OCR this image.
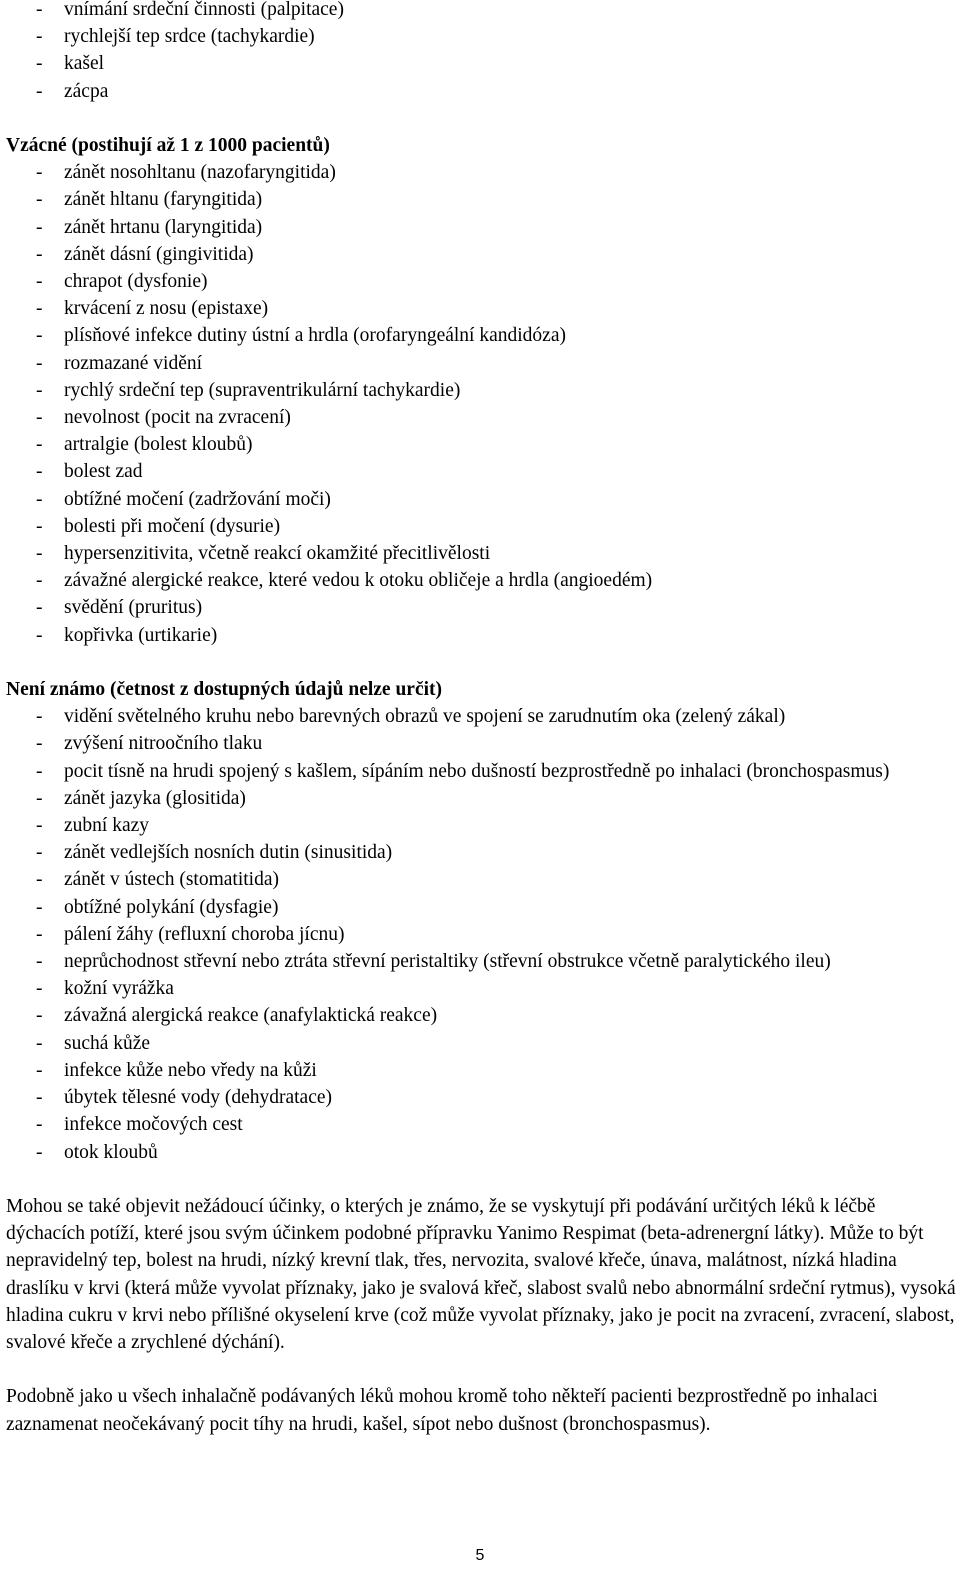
- vnímání srdeční činnosti (palpitace)
- rychlejší tep srdce (tachykardie)
- kašel
- zácpa
Vzácné (postihují až 1 z 1000 pacientů)
- zánět nosohltanu (nazofaryngitida)
- zánět hltanu (faryngitida)
- zánět hrtanu (laryngitida)
- zánět dásní (gingivitida)
- chrapot (dysfonie)
- krvácení z nosu (epistaxe)
- plísňové infekce dutiny ústní a hrdla (orofaryngeální kandidóza)
- rozmazané vidění
- rychlý srdeční tep (supraventrikulární tachykardie)
- nevolnost (pocit na zvracení)
- artralgie (bolest kloubů)
- bolest zad
- obtížné močení (zadržování moči)
- bolesti při močení (dysurie)
- hypersenzitivita, včetně reakcí okamžité přecitlivělosti
- závažné alergické reakce, které vedou k otoku obličeje a hrdla (angioedém)
- svědění (pruritus)
- kopřivka (urtikarie)
Není známo (četnost z dostupných údajů nelze určit)
- vidění světelného kruhu nebo barevných obrazů ve spojení se zarudnutím oka (zelený zákal)
- zvýšení nitroočního tlaku
- pocit tísně na hrudi spojený s kašlem, sípáním nebo dušností bezprostředně po inhalaci (bronchospasmus)
- zánět jazyka (glositida)
- zubní kazy
- zánět vedlejších nosních dutin (sinusitida)
- zánět v ústech (stomatitida)
- obtížné polykání (dysfagie)
- pálení žáhy (refluxní choroba jícnu)
- neprůchodnost střevní nebo ztráta střevní peristaltiky (střevní obstrukce včetně paralytického ileu)
- kožní vyrážka
- závažná alergická reakce (anafylaktická reakce)
- suchá kůže
- infekce kůže nebo vředy na kůži
- úbytek tělesné vody (dehydratace)
- infekce močových cest
- otok kloubů

Mohou se také objevit nežádoucí účinky, o kterých je známo, že se vyskytují při podávání určitých léků k léčbě dýchacích potíží, které jsou svým účinkem podobné přípravku Yanimo Respimat (beta-adrenergní látky). Může to být nepravidelný tep, bolest na hrudi, nízký krevní tlak, třes, nervozita, svalové křeče, únava, malátnost, nízká hladina draslíku v krvi (která může vyvolat příznaky, jako je svalová křeč, slabost svalů nebo abnormální srdeční rytmus), vysoká hladina cukru v krvi nebo přílišné okyselení krve (což může vyvolat příznaky, jako je pocit na zvracení, zvracení, slabost, svalové křeče a zrychlené dýchání).

Podobně jako u všech inhalačně podávaných léků mohou kromě toho někteří pacienti bezprostředně po inhalaci zaznamenat neočekávaný pocit tíhy na hrudi, kašel, sípot nebo dušnost (bronchospasmus).

5
